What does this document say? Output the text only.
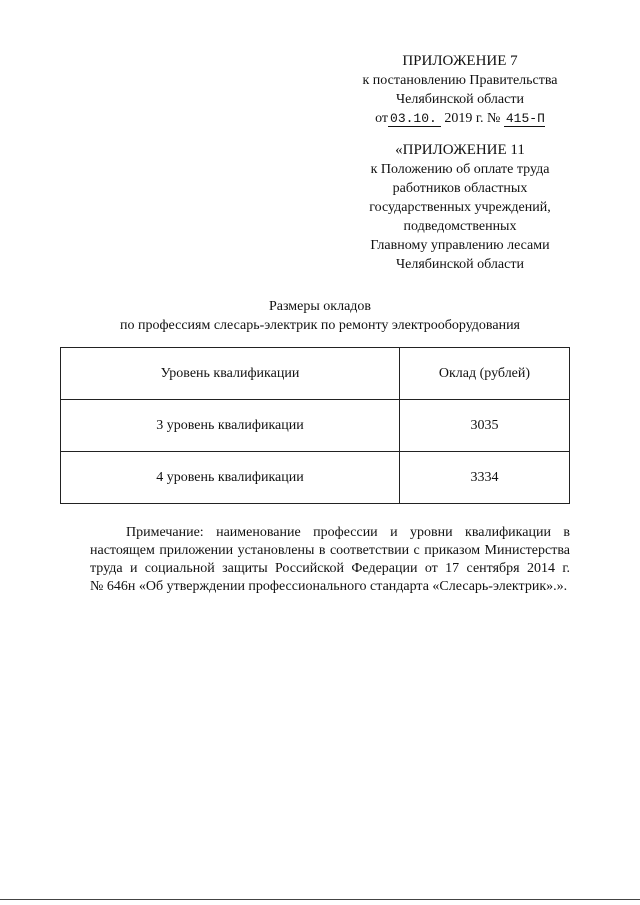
ПРИЛОЖЕНИЕ 7
к постановлению Правительства
Челябинской области
от 03.10. 2019 г. № 415-П
«ПРИЛОЖЕНИЕ 11
к Положению об оплате труда
работников областных
государственных учреждений,
подведомственных
Главному управлению лесами
Челябинской области
Размеры окладов
по профессиям слесарь-электрик по ремонту электрооборудования
Уровень квалификации	Оклад (рублей)
3 уровень квалификации	3035
4 уровень квалификации	3334
Примечание: наименование профессии и уровни квалификации в
настоящем приложении установлены в соответствии с приказом Министерства
труда и социальной защиты Российской Федерации от 17 сентября 2014 г.
№ 646н «Об утверждении профессионального стандарта «Слесарь-электрик».».
